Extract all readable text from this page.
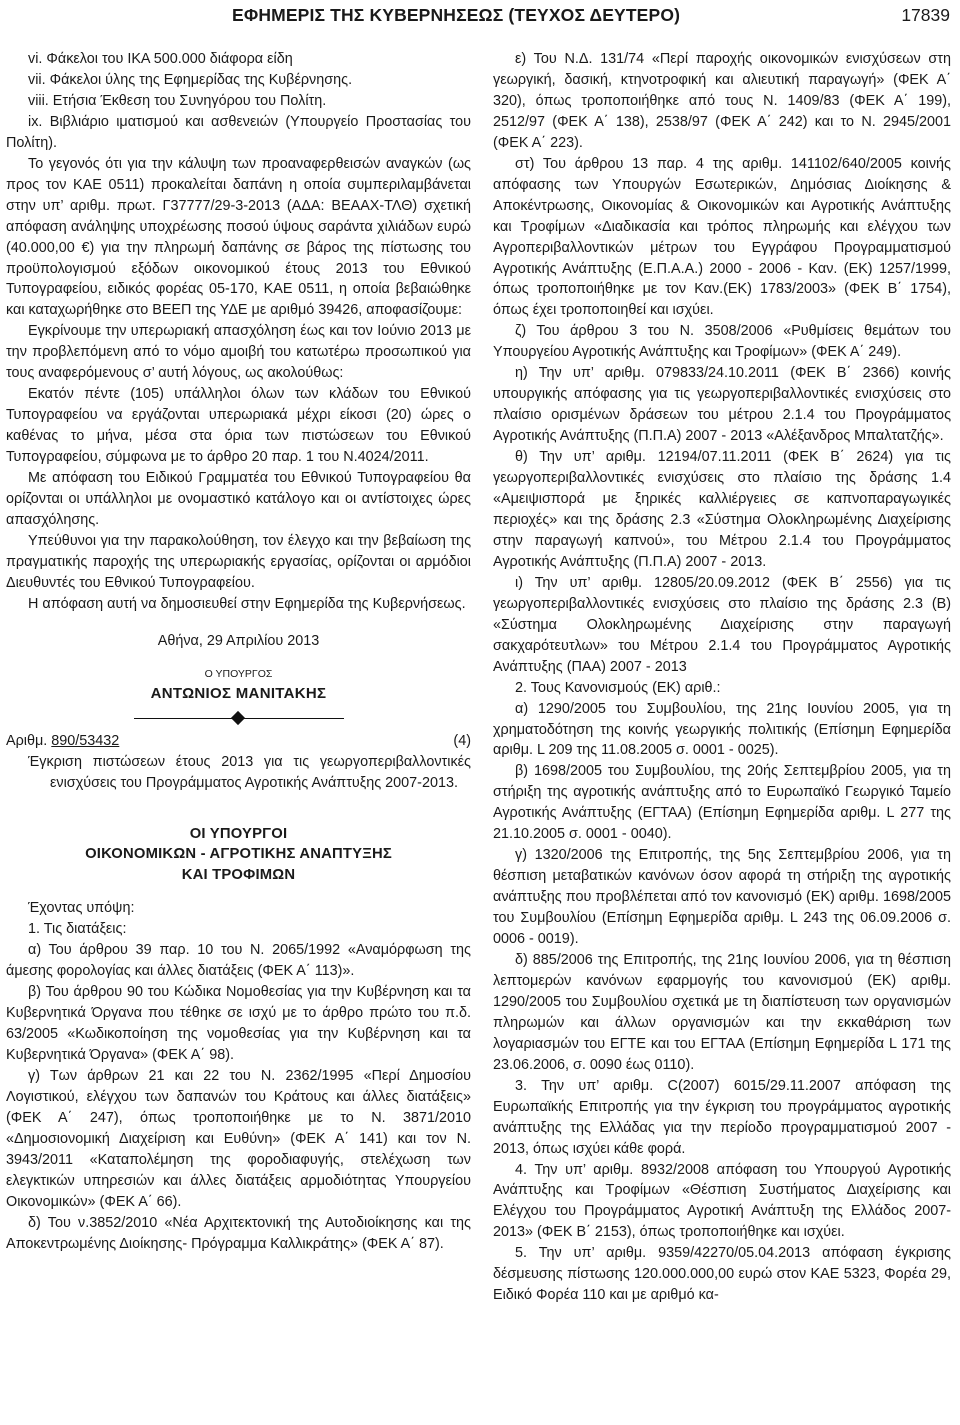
ΕΦΗΜΕΡΙΣ ΤΗΣ ΚΥΒΕΡΝΗΣΕΩΣ (ΤΕΥΧΟΣ ΔΕΥΤΕΡΟ)	17839

vi. Φάκελοι του ΙΚΑ 500.000 διάφορα είδη

vii. Φάκελοι ύλης της Εφημερίδας της Κυβέρνησης.

viii. Ετήσια Έκθεση του Συνηγόρου του Πολίτη.

ix. Βιβλιάριο ιματισμού και ασθενειών (Υπουργείο Προστασίας του Πολίτη).

Το γεγονός ότι για την κάλυψη των προαναφερθεισών αναγκών (ως προς τον ΚΑΕ 0511) προκαλείται δαπάνη η οποία συμπεριλαμβάνεται στην υπ’ αριθμ. πρωτ. Γ37777/29-3-2013 (ΑΔΑ: ΒΕΑΑΧ-ΤΛΘ) σχετική απόφαση ανάληψης υποχρέωσης ποσού ύψους σαράντα χιλιάδων ευρώ (40.000,00 €) για την πληρωμή δαπάνης σε βάρος της πίστωσης του προϋπολογισμού εξόδων οικονομικού έτους 2013 του Εθνικού Τυπογραφείου, ειδικός φορέας 05-170, ΚΑΕ 0511, η οποία βεβαιώθηκε και καταχωρήθηκε στο ΒΕΕΠ της ΥΔΕ με αριθμό 39426, αποφασίζουμε:

Εγκρίνουμε την υπερωριακή απασχόληση έως και τον Ιούνιο 2013 με την προβλεπόμενη από το νόμο αμοιβή του κατωτέρω προσωπικού για τους αναφερόμενους σ’ αυτή λόγους, ως ακολούθως:

Εκατόν πέντε (105) υπάλληλοι όλων των κλάδων του Εθνικού Τυπογραφείου να εργάζονται υπερωριακά μέχρι είκοσι (20) ώρες ο καθένας το μήνα, μέσα στα όρια των πιστώσεων του Εθνικού Τυπογραφείου, σύμφωνα με το άρθρο 20 παρ. 1 του Ν.4024/2011.

Με απόφαση του Ειδικού Γραμματέα του Εθνικού Τυπογραφείου θα ορίζονται οι υπάλληλοι με ονομαστικό κατάλογο και οι αντίστοιχες ώρες απασχόλησης.

Υπεύθυνοι για την παρακολούθηση, τον έλεγχο και την βεβαίωση της πραγματικής παροχής της υπερωριακής εργασίας, ορίζονται οι αρμόδιοι Διευθυντές του Εθνικού Τυπογραφείου.

Η απόφαση αυτή να δημοσιευθεί στην Εφημερίδα της Κυβερνήσεως.

Αθήνα, 29 Απριλίου 2013

Ο ΥΠΟΥΡΓΟΣ

ΑΝΤΩΝΙΟΣ ΜΑΝΙΤΑΚΗΣ

Αριθμ. 890/53432	(4)

Έγκριση πιστώσεων έτους 2013 για τις γεωργοπεριβαλλοντικές ενισχύσεις του Προγράμματος Αγροτικής Ανάπτυξης 2007-2013.

ΟΙ ΥΠΟΥΡΓΟΙ

ΟΙΚΟΝΟΜΙΚΩΝ - ΑΓΡΟΤΙΚΗΣ ΑΝΑΠΤΥΞΗΣ

ΚΑΙ ΤΡΟΦΙΜΩΝ

Έχοντας υπόψη:

1. Τις διατάξεις:

α) Του άρθρου 39 παρ. 10 του Ν. 2065/1992 «Αναμόρφωση της άμεσης φορολογίας και άλλες διατάξεις (ΦΕΚ Α΄ 113)».

β) Του άρθρου 90 του Κώδικα Νομοθεσίας για την Κυβέρνηση και τα Κυβερνητικά Όργανα που τέθηκε σε ισχύ με το άρθρο πρώτο του π.δ. 63/2005 «Κωδικοποίηση της νομοθεσίας για την Κυβέρνηση και τα Κυβερνητικά Όργανα» (ΦΕΚ Α΄ 98).

γ) Των άρθρων 21 και 22 του Ν. 2362/1995 «Περί Δημοσίου Λογιστικού, ελέγχου των δαπανών του Κράτους και άλλες διατάξεις» (ΦΕΚ Α΄ 247), όπως τροποποιήθηκε με το Ν. 3871/2010 «Δημοσιονομική Διαχείριση και Ευθύνη» (ΦΕΚ Α΄ 141) και τον Ν. 3943/2011 «Καταπολέμηση της φοροδιαφυγής, στελέχωση των ελεγκτικών υπηρεσιών και άλλες διατάξεις αρμοδιότητας Υπουργείου Οικονομικών» (ΦΕΚ Α΄ 66).

δ) Του ν.3852/2010 «Νέα Αρχιτεκτονική της Αυτοδιοίκησης και της Αποκεντρωμένης Διοίκησης- Πρόγραμμα Καλλικράτης» (ΦΕΚ Α΄ 87).

ε) Του Ν.Δ. 131/74 «Περί παροχής οικονομικών ενισχύσεων στη γεωργική, δασική, κτηνοτροφική και αλιευτική παραγωγή» (ΦΕΚ Α΄ 320), όπως τροποποιήθηκε από τους Ν. 1409/83 (ΦΕΚ Α΄ 199), 2512/97 (ΦΕΚ Α΄ 138), 2538/97 (ΦΕΚ Α΄ 242) και το Ν. 2945/2001 (ΦΕΚ Α΄ 223).

στ) Του άρθρου 13 παρ. 4 της αριθμ. 141102/640/2005 κοινής απόφασης των Υπουργών Εσωτερικών, Δημόσιας Διοίκησης & Αποκέντρωσης, Οικονομίας & Οικονομικών και Αγροτικής Ανάπτυξης και Τροφίμων «Διαδικασία και τρόπος πληρωμής και ελέγχου των Αγροπεριβαλλοντικών μέτρων του Εγγράφου Προγραμματισμού Αγροτικής Ανάπτυξης (Ε.Π.Α.Α.) 2000 - 2006 - Καν. (ΕΚ) 1257/1999, όπως τροποποιήθηκε με τον Καν.(ΕΚ) 1783/2003» (ΦΕΚ Β΄ 1754), όπως έχει τροποποιηθεί και ισχύει.

ζ) Του άρθρου 3 του Ν. 3508/2006 «Ρυθμίσεις θεμάτων του Υπουργείου Αγροτικής Ανάπτυξης και Τροφίμων» (ΦΕΚ Α΄ 249).

η) Την υπ’ αριθμ. 079833/24.10.2011 (ΦΕΚ Β΄ 2366) κοινής υπουργικής απόφασης για τις γεωργοπεριβαλλοντικές ενισχύσεις στο πλαίσιο ορισμένων δράσεων του μέτρου 2.1.4 του Προγράμματος Αγροτικής Ανάπτυξης (Π.Π.Α) 2007 - 2013 «Αλέξανδρος Μπαλτατζής».

θ) Την υπ’ αριθμ. 12194/07.11.2011 (ΦΕΚ Β΄ 2624) για τις γεωργοπεριβαλλοντικές ενισχύσεις στο πλαίσιο της δράσης 1.4 «Αμειψισπορά με ξηρικές καλλιέργειες σε καπνοπαραγωγικές περιοχές» και της δράσης 2.3 «Σύστημα Ολοκληρωμένης Διαχείρισης στην παραγωγή καπνού», του Μέτρου 2.1.4 του Προγράμματος Αγροτικής Ανάπτυξης (Π.Π.Α) 2007 - 2013.

ι) Την υπ’ αριθμ. 12805/20.09.2012 (ΦΕΚ Β΄ 2556) για τις γεωργοπεριβαλλοντικές ενισχύσεις στο πλαίσιο της δράσης 2.3 (Β) «Σύστημα Ολοκληρωμένης Διαχείρισης στην παραγωγή σακχαρότευτλων» του Μέτρου 2.1.4 του Προγράμματος Αγροτικής Ανάπτυξης (ΠΑΑ) 2007 - 2013

2. Τους Κανονισμούς (ΕΚ) αριθ.:

α) 1290/2005 του Συμβουλίου, της 21ης Ιουνίου 2005, για τη χρηματοδότηση της κοινής γεωργικής πολιτικής (Επίσημη Εφημερίδα αριθμ. L 209 της 11.08.2005 σ. 0001 - 0025).

β) 1698/2005 του Συμβουλίου, της 20ής Σεπτεμβρίου 2005, για τη στήριξη της αγροτικής ανάπτυξης από το Ευρωπαϊκό Γεωργικό Ταμείο Αγροτικής Ανάπτυξης (ΕΓΤΑΑ) (Επίσημη Εφημερίδα αριθμ. L 277 της 21.10.2005 σ. 0001 - 0040).

γ) 1320/2006 της Επιτροπής, της 5ης Σεπτεμβρίου 2006, για τη θέσπιση μεταβατικών κανόνων όσον αφορά τη στήριξη της αγροτικής ανάπτυξης που προβλέπεται από τον κανονισμό (ΕΚ) αριθμ. 1698/2005 του Συμβουλίου (Επίσημη Εφημερίδα αριθμ. L 243 της 06.09.2006 σ. 0006 - 0019).

δ) 885/2006 της Επιτροπής, της 21ης Ιουνίου 2006, για τη θέσπιση λεπτομερών κανόνων εφαρμογής του κανονισμού (ΕΚ) αριθμ. 1290/2005 του Συμβουλίου σχετικά με τη διαπίστευση των οργανισμών πληρωμών και άλλων οργανισμών και την εκκαθάριση των λογαριασμών του ΕΓΤΕ και του ΕΓΤΑΑ (Επίσημη Εφημερίδα L 171 της 23.06.2006, σ. 0090 έως 0110).

3. Την υπ’ αριθμ. C(2007) 6015/29.11.2007 απόφαση της Ευρωπαϊκής Επιτροπής για την έγκριση του προγράμματος αγροτικής ανάπτυξης της Ελλάδας για την περίοδο προγραμματισμού 2007 - 2013, όπως ισχύει κάθε φορά.

4. Την υπ’ αριθμ. 8932/2008 απόφαση του Υπουργού Αγροτικής Ανάπτυξης και Τροφίμων «Θέσπιση Συστήματος Διαχείρισης και Ελέγχου του Προγράμματος Αγροτική Ανάπτυξη της Ελλάδος 2007-2013» (ΦΕΚ Β΄ 2153), όπως τροποποιήθηκε και ισχύει.

5. Την υπ’ αριθμ. 9359/42270/05.04.2013 απόφαση έγκρισης δέσμευσης πίστωσης 120.000.000,00 ευρώ στον ΚΑΕ 5323, Φορέα 29, Ειδικό Φορέα 110 και με αριθμό κα-
